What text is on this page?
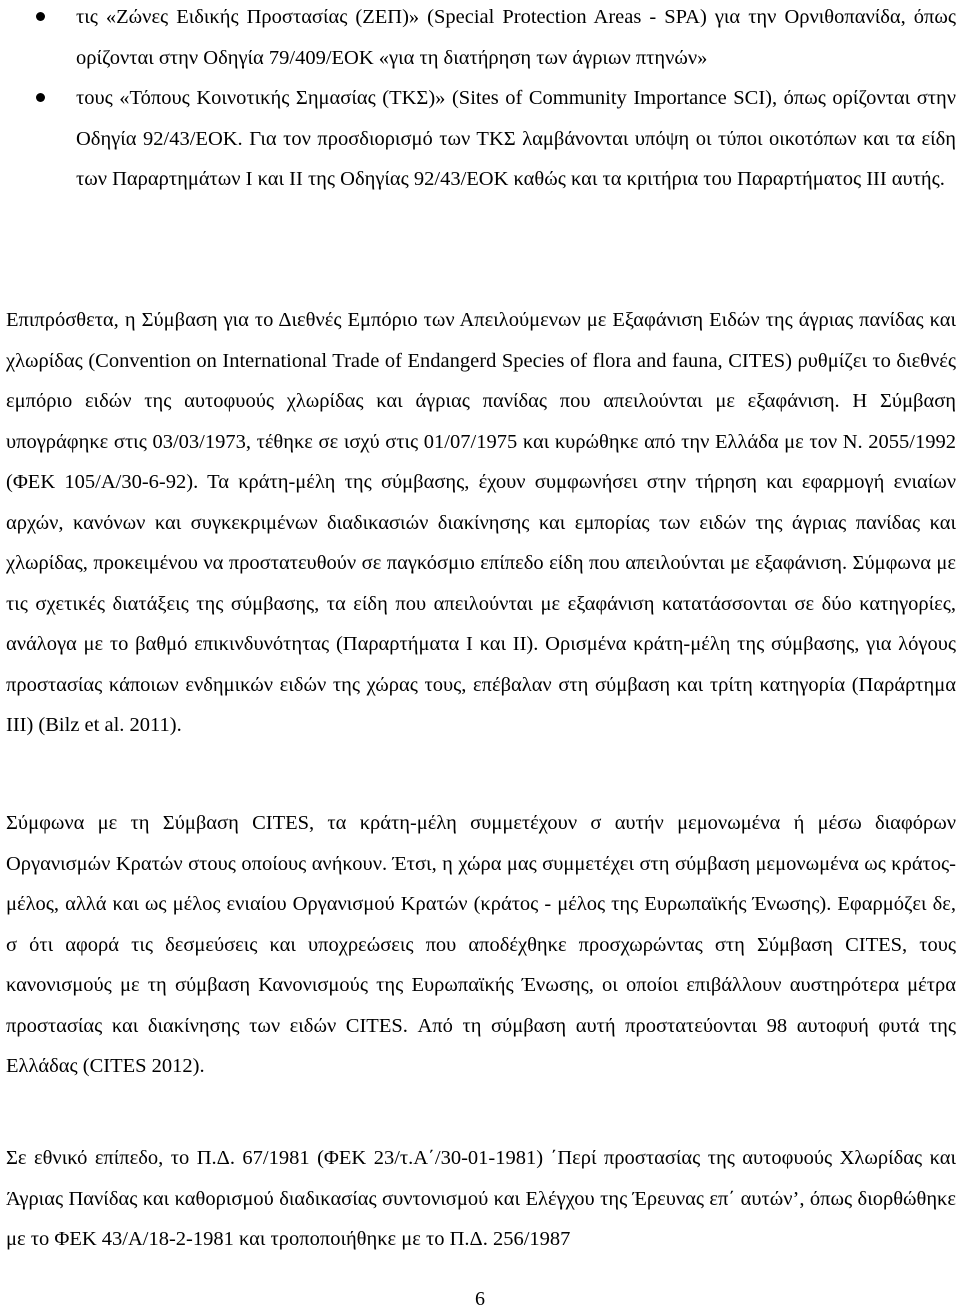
τις «Ζώνες Ειδικής Προστασίας (ΖΕΠ)» (Special Protection Areas - SPA) για την Ορνιθοπανίδα, όπως ορίζονται στην Οδηγία 79/409/ΕΟΚ «για τη διατήρηση των άγριων πτηνών»
τους «Τόπους Κοινοτικής Σημασίας (ΤΚΣ)» (Sites of Community Importance SCI), όπως ορίζονται στην Οδηγία 92/43/ΕΟΚ. Για τον προσδιορισμό των ΤΚΣ λαμβάνονται υπόψη οι τύποι οικοτόπων και τα είδη των Παραρτημάτων Ι και ΙΙ της Οδηγίας 92/43/ΕΟΚ καθώς και τα κριτήρια του Παραρτήματος ΙΙΙ αυτής.

Επιπρόσθετα, η Σύμβαση για το Διεθνές Εμπόριο των Απειλούμενων με Εξαφάνιση Ειδών της άγριας πανίδας και χλωρίδας (Convention on International Trade of Endangerd Species of flora and fauna, CITES) ρυθμίζει το διεθνές εμπόριο ειδών της αυτοφυούς χλωρίδας και άγριας πανίδας που απειλούνται με εξαφάνιση. Η Σύμβαση υπογράφηκε στις 03/03/1973, τέθηκε σε ισχύ στις 01/07/1975 και κυρώθηκε από την Ελλάδα με τον Ν. 2055/1992 (ΦΕΚ 105/Α/30-6-92). Τα κράτη-μέλη της σύμβασης, έχουν συμφωνήσει στην τήρηση και εφαρμογή ενιαίων αρχών, κανόνων και συγκεκριμένων διαδικασιών διακίνησης και εμπορίας των ειδών της άγριας πανίδας και χλωρίδας, προκειμένου να προστατευθούν σε παγκόσμιο επίπεδο είδη που απειλούνται με εξαφάνιση. Σύμφωνα με τις σχετικές διατάξεις της σύμβασης, τα είδη που απειλούνται με εξαφάνιση κατατάσσονται σε δύο κατηγορίες, ανάλογα με το βαθμό επικινδυνότητας (Παραρτήματα Ι και ΙΙ). Ορισμένα κράτη-μέλη της σύμβασης, για λόγους προστασίας κάποιων ενδημικών ειδών της χώρας τους, επέβαλαν στη σύμβαση και τρίτη κατηγορία (Παράρτημα ΙΙΙ) (Bilz et al. 2011).

Σύμφωνα με τη Σύμβαση CITES, τα κράτη-μέλη συμμετέχουν σ αυτήν μεμονωμένα ή μέσω διαφόρων Οργανισμών Κρατών στους οποίους ανήκουν. Έτσι, η χώρα μας συμμετέχει στη σύμβαση μεμονωμένα ως κράτος-μέλος, αλλά και ως μέλος ενιαίου Οργανισμού Κρατών (κράτος - μέλος της Ευρωπαϊκής Ένωσης). Εφαρμόζει δε, σ ότι αφορά τις δεσμεύσεις και υποχρεώσεις που αποδέχθηκε προσχωρώντας στη Σύμβαση CITES, τους κανονισμούς με τη σύμβαση Κανονισμούς της Ευρωπαϊκής Ένωσης, οι οποίοι επιβάλλουν αυστηρότερα μέτρα προστασίας και διακίνησης των ειδών CITES. Από τη σύμβαση αυτή προστατεύονται 98 αυτοφυή φυτά της Ελλάδας (CITES 2012).

Σε εθνικό επίπεδο, το Π.Δ. 67/1981 (ΦΕΚ 23/τ.Α΄/30-01-1981) ΄Περί προστασίας της αυτοφυούς Χλωρίδας και Άγριας Πανίδας και καθορισμού διαδικασίας συντονισμού και Ελέγχου της Έρευνας επ΄ αυτών’, όπως διορθώθηκε με το ΦΕΚ 43/Α/18-2-1981 και τροποποιήθηκε με το Π.Δ. 256/1987

6
